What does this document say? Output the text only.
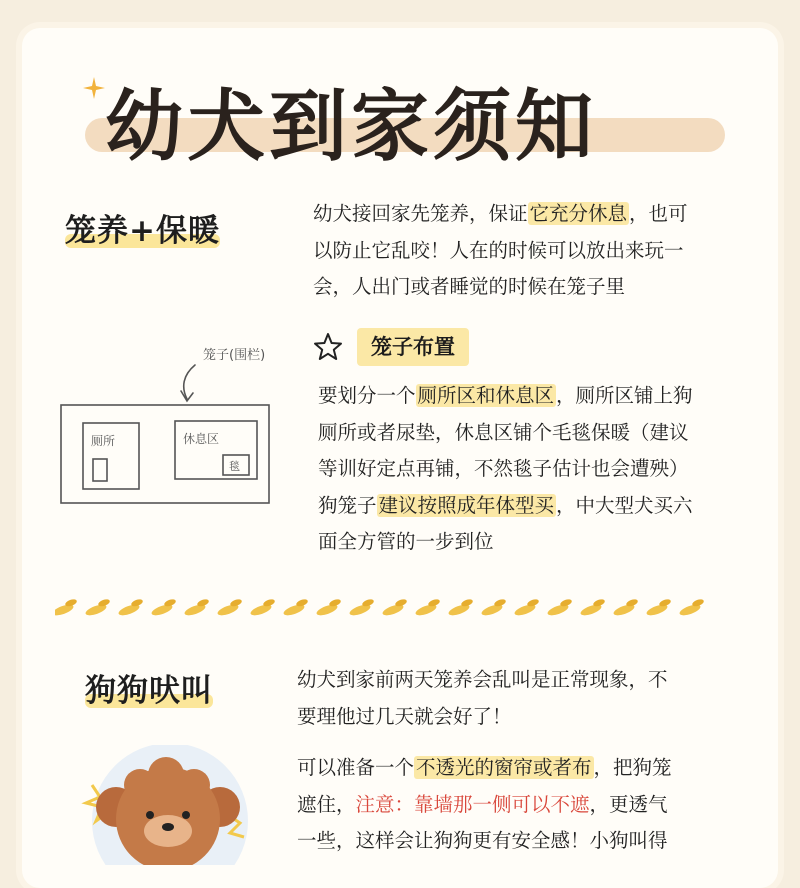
幼犬到家须知
笼养+保暖	幼犬接回家先笼养，保证 它充分休息 ，也可
以防止它乱咬！人在的时候可以放出来玩一
会，人出门或者睡觉的时候在笼子里
笼子(围栏)
厕所	休息区
毯
笼子布置
要划分一个 厕所区和休息区 ，厕所区铺上狗
厕所或者尿垫，休息区铺个毛毯保暖（建议
等训好定点再铺，不然毯子估计也会遭殃）
狗笼子 建议按照成年体型买 ，中大型犬买六
面全方管的一步到位
狗狗吠叫	幼犬到家前两天笼养会乱叫是正常现象，不
要理他过几天就会好了！
可以准备一个 不透光的窗帘或者布 ，把狗笼
遮住，注意：靠墙那一侧可以不遮，更透气
一些，这样会让狗狗更有安全感！小狗叫得
